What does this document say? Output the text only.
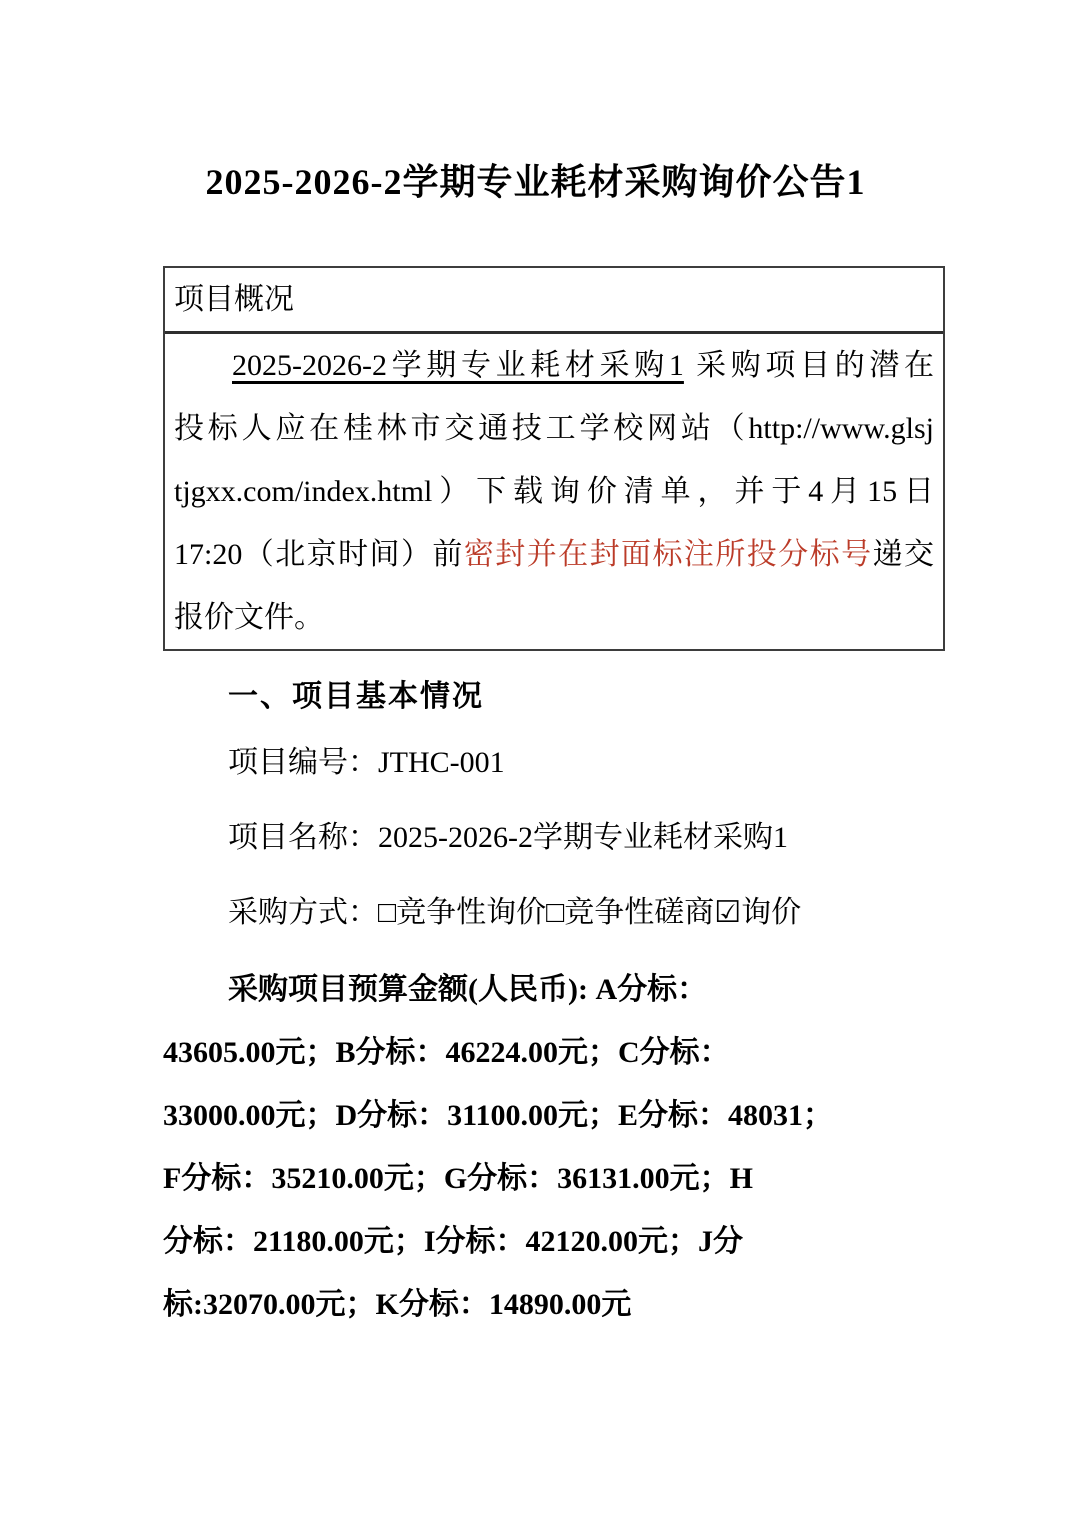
2025-2026-2学期专业耗材采购询价公告1
项目概况
2025-2026-2学期专业耗材采购1 采购项目的潜在
投标人应在桂林市交通技工学校网站（http://www.glsj
tjgxx.com/index.html）下载询价清单，并于4月15日
17:20（北京时间）前密封并在封面标注所投分标号递交
报价文件。
一、项目基本情况
项目编号：JTHC-001
项目名称：2025-2026-2学期专业耗材采购1
采购方式：□竞争性询价□竞争性磋商☑询价
采购项目预算金额(人民币): A分标：
43605.00元；B分标：46224.00元；C分标：
33000.00元；D分标：31100.00元；E分标：48031；
F分标：35210.00元；G分标：36131.00元；H
分标：21180.00元；I分标：42120.00元；J分
标:32070.00元；K分标：14890.00元
